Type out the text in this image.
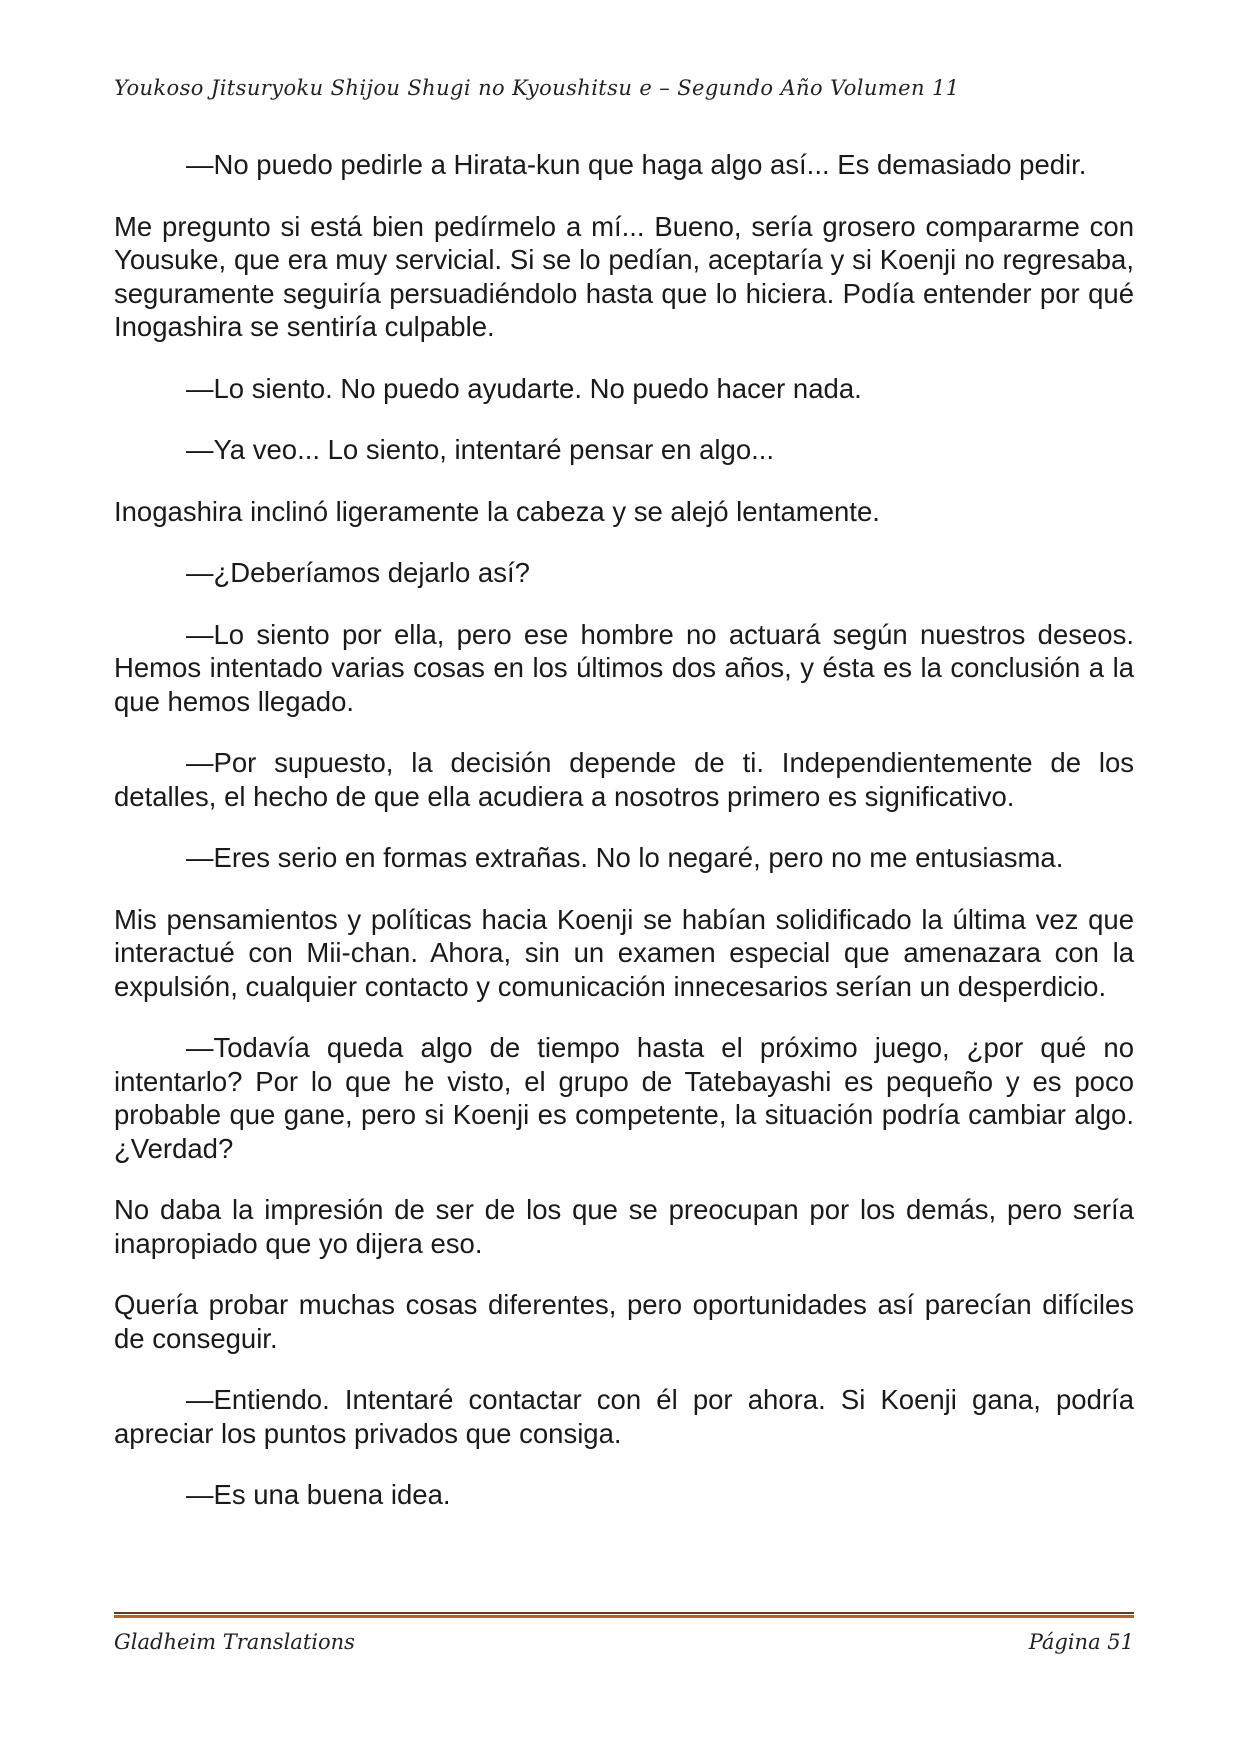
Youkoso Jitsuryoku Shijou Shugi no Kyoushitsu e – Segundo Año Volumen 11

—No puedo pedirle a Hirata-kun que haga algo así... Es demasiado pedir.

Me pregunto si está bien pedírmelo a mí... Bueno, sería grosero compararme con Yousuke, que era muy servicial. Si se lo pedían, aceptaría y si Koenji no regresaba, seguramente seguiría persuadiéndolo hasta que lo hiciera. Podía entender por qué Inogashira se sentiría culpable.

—Lo siento. No puedo ayudarte. No puedo hacer nada.

—Ya veo... Lo siento, intentaré pensar en algo...

Inogashira inclinó ligeramente la cabeza y se alejó lentamente.

—¿Deberíamos dejarlo así?

—Lo siento por ella, pero ese hombre no actuará según nuestros deseos. Hemos intentado varias cosas en los últimos dos años, y ésta es la conclusión a la que hemos llegado.

—Por supuesto, la decisión depende de ti. Independientemente de los detalles, el hecho de que ella acudiera a nosotros primero es significativo.

—Eres serio en formas extrañas. No lo negaré, pero no me entusiasma.

Mis pensamientos y políticas hacia Koenji se habían solidificado la última vez que interactué con Mii-chan. Ahora, sin un examen especial que amenazara con la expulsión, cualquier contacto y comunicación innecesarios serían un desperdicio.

—Todavía queda algo de tiempo hasta el próximo juego, ¿por qué no intentarlo? Por lo que he visto, el grupo de Tatebayashi es pequeño y es poco probable que gane, pero si Koenji es competente, la situación podría cambiar algo. ¿Verdad?

No daba la impresión de ser de los que se preocupan por los demás, pero sería inapropiado que yo dijera eso.

Quería probar muchas cosas diferentes, pero oportunidades así parecían difíciles de conseguir.

—Entiendo. Intentaré contactar con él por ahora. Si Koenji gana, podría apreciar los puntos privados que consiga.

—Es una buena idea.

Gladheim Translations	Página 51
